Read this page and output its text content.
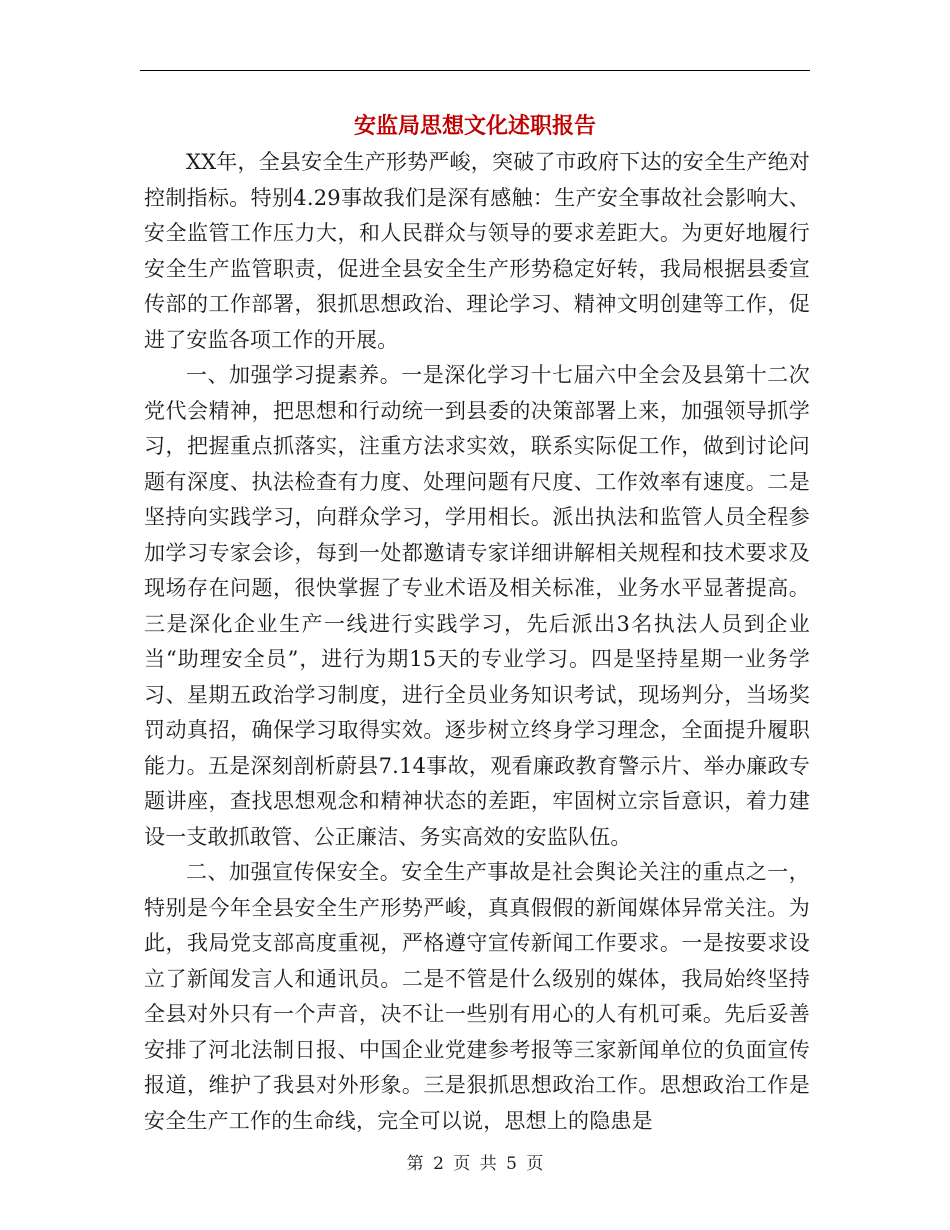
安监局思想文化述职报告

XX年，全县安全生产形势严峻，突破了市政府下达的安全生产绝对控制指标。特别4.29事故我们是深有感触：生产安全事故社会影响大、安全监管工作压力大，和人民群众与领导的要求差距大。为更好地履行安全生产监管职责，促进全县安全生产形势稳定好转，我局根据县委宣传部的工作部署，狠抓思想政治、理论学习、精神文明创建等工作，促进了安监各项工作的开展。

一、加强学习提素养。一是深化学习十七届六中全会及县第十二次党代会精神，把思想和行动统一到县委的决策部署上来，加强领导抓学习，把握重点抓落实，注重方法求实效，联系实际促工作，做到讨论问题有深度、执法检查有力度、处理问题有尺度、工作效率有速度。二是坚持向实践学习，向群众学习，学用相长。派出执法和监管人员全程参加学习专家会诊，每到一处都邀请专家详细讲解相关规程和技术要求及现场存在问题，很快掌握了专业术语及相关标准，业务水平显著提高。三是深化企业生产一线进行实践学习，先后派出3名执法人员到企业当“助理安全员”，进行为期15天的专业学习。四是坚持星期一业务学习、星期五政治学习制度，进行全员业务知识考试，现场判分，当场奖罚动真招，确保学习取得实效。逐步树立终身学习理念，全面提升履职能力。五是深刻剖析蔚县7.14事故，观看廉政教育警示片、举办廉政专题讲座，查找思想观念和精神状态的差距，牢固树立宗旨意识，着力建设一支敢抓敢管、公正廉洁、务实高效的安监队伍。

二、加强宣传保安全。安全生产事故是社会舆论关注的重点之一，特别是今年全县安全生产形势严峻，真真假假的新闻媒体异常关注。为此，我局党支部高度重视，严格遵守宣传新闻工作要求。一是按要求设立了新闻发言人和通讯员。二是不管是什么级别的媒体，我局始终坚持全县对外只有一个声音，决不让一些别有用心的人有机可乘。先后妥善安排了河北法制日报、中国企业党建参考报等三家新闻单位的负面宣传报道，维护了我县对外形象。三是狠抓思想政治工作。思想政治工作是安全生产工作的生命线，完全可以说，思想上的隐患是

第 2 页 共 5 页
